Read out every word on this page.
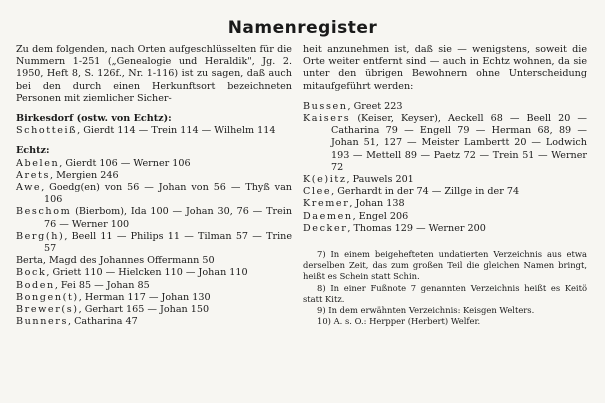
Namenregister

Zu dem folgenden, nach Orten aufgeschlüsselten für die Nummern 1-251 („Genealogie und Heraldik", Jg. 2. 1950, Heft 8, S. 126f., Nr. 1-116) ist zu sagen, daß auch bei den durch einen Herkunftsort bezeichneten Personen mit ziemlicher Sicher-

Birkesdorf (ostw. von Echtz):

Schotteiß, Gierdt 114 — Trein 114 — Wilhelm 114

Echtz:

Abelen, Gierdt 106 — Werner 106

Arets, Mergien 246

Awe, Goedg(en) von 56 — Johan von 56 — Thyß van 106

Beschom (Bierbom), Ida 100 — Johan 30, 76 — Trein 76 — Werner 100

Berg(h), Beell 11 — Philips 11 — Tilman 57 — Trine 57

Berta, Magd des Johannes Offermann 50

Bock, Griett 110 — Hielcken 110 — Johan 110

Boden, Fei 85 — Johan 85

Bongen(t), Herman 117 — Johan 130

Brewer(s), Gerhart 165 — Johan 150

Bunners, Catharina 47

heit anzunehmen ist, daß sie — wenigstens, soweit die Orte weiter entfernt sind — auch in Echtz wohnen, da sie unter den übrigen Bewohnern ohne Unterscheidung mitaufgeführt werden:

Bussen, Greet 223

Kaisers (Keiser, Keyser), Aeckell 68 — Beell 20 — Catharina 79 — Engell 79 — Herman 68, 89 — Johan 51, 127 — Meister Lambertt 20 — Lodwich 193 — Mettell 89 — Paetz 72 — Trein 51 — Werner 72

K(e)itz, Pauwels 201

Clee, Gerhardt in der 74 — Zillge in der 74

Kremer, Johan 138

Daemen, Engel 206

Decker, Thomas 129 — Werner 200

7) In einem beigehefteten undatierten Verzeichnis aus etwa derselben Zeit, das zum großen Teil die gleichen Namen bringt, heißt es Schein statt Schin.

8) In einer Fußnote 7 genannten Verzeichnis heißt es Keitö statt Kitz.

9) In dem erwähnten Verzeichnis: Keisgen Welters.

10) A. s. O.: Herpper (Herbert) Welfer.
